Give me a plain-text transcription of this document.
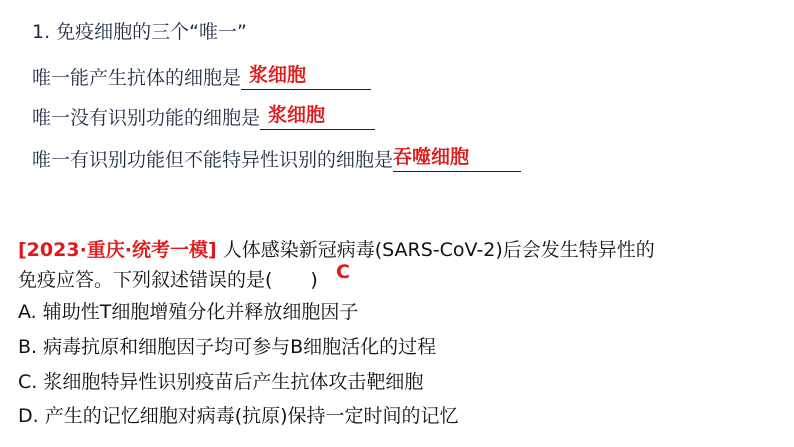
1. 免疫细胞的三个“唯一”
唯一能产生抗体的细胞是 浆细胞
唯一没有识别功能的细胞是 浆细胞
唯一有识别功能但不能特异性识别的细胞是 吞噬细胞
[2023·重庆·统考一模] 人体感染新冠病毒(SARS-CoV-2)后会发生特异性的
免疫应答。下列叙述错误的是( ) C
A. 辅助性T细胞增殖分化并释放细胞因子
B. 病毒抗原和细胞因子均可参与B细胞活化的过程
C. 浆细胞特异性识别疫苗后产生抗体攻击靶细胞
D. 产生的记忆细胞对病毒(抗原)保持一定时间的记忆
